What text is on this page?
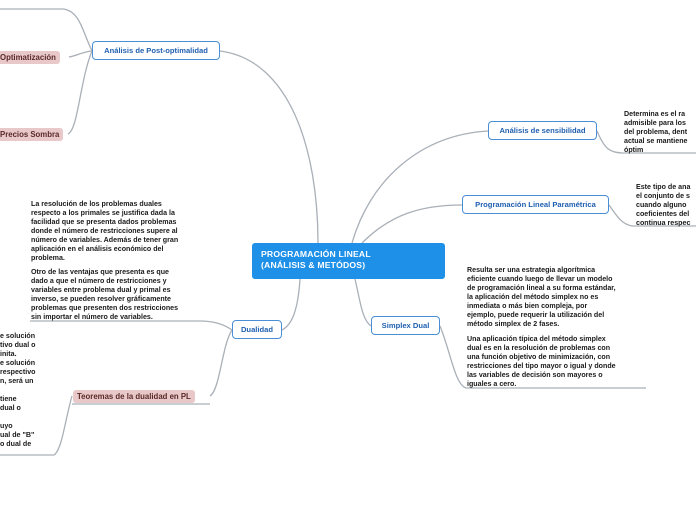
PROGRAMACIÓN LINEAL
(ANÁLISIS & METÓDOS)
Análisis de Post-optimalidad
Análisis de sensibilidad
Programación Lineal Paramétrica
Simplex Dual
Dualidad
Optimatización
Precios Sombra
Teoremas de la dualidad en PL
Determina es el ra
admisible para los
del problema, dent
actual se mantiene
óptim
Este tipo de ana
el conjunto de s
cuando alguno
coeficientes del
continua respec
Resulta ser una estrategia algorítmica
eficiente cuando luego de llevar un modelo
de programación lineal a su forma estándar,
la aplicación del método simplex no es
inmediata o más bien compleja, por
ejemplo, puede requerir la utilización del
método simplex de 2 fases.
Una aplicación típica del método simplex
dual es en la resolución de problemas con
una función objetivo de minimización, con
restricciones del tipo mayor o igual y donde
las variables de decisión son mayores o
iguales a cero.
La resolución de los problemas duales
respecto a los primales se justifica dada la
facilidad que se presenta dados problemas
donde el número de restricciones supere al
número de variables. Además de tener gran
aplicación en el análisis económico del
problema.
Otro de las ventajas que presenta es que
dado a que el número de restricciones y
variables entre problema dual y primal es
inverso, se pueden resolver gráficamente
problemas que presenten dos restricciones
sin importar el número de variables.
e solución
tivo dual o
inita.
e solución
respectivo
n, será un

tiene
dual o

uyo
ual de "B"
o dual de
